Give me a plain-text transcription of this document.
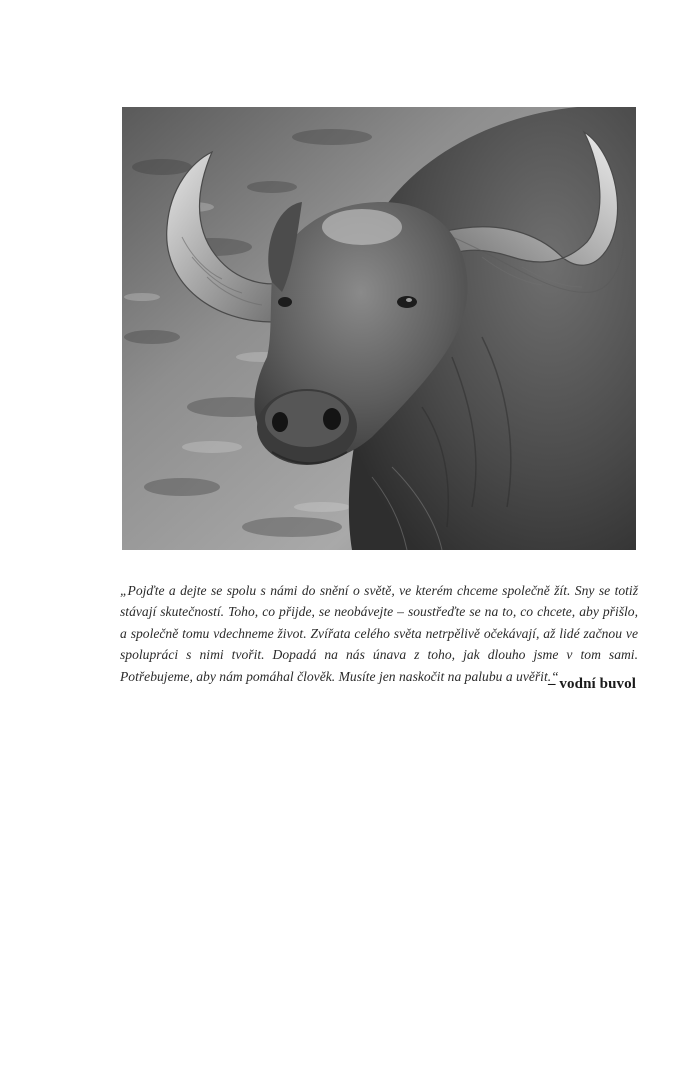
„Pojďte a dejte se spolu s námi do snění o světě, ve kterém chceme společně žít. Sny se totiž stávají skutečností. Toho, co přijde, se neobávejte – soustřeďte se na to, co chcete, aby přišlo, a společně tomu vdechneme život. Zvířata celého světa netrpělivě očekávají, až lidé začnou ve spolupráci s nimi tvořit. Dopadá na nás únava z toho, jak dlouho jsme v tom sami. Potřebujeme, aby nám pomáhal člověk. Musíte jen naskočit na palubu a uvěřit.“

– vodní buvol
